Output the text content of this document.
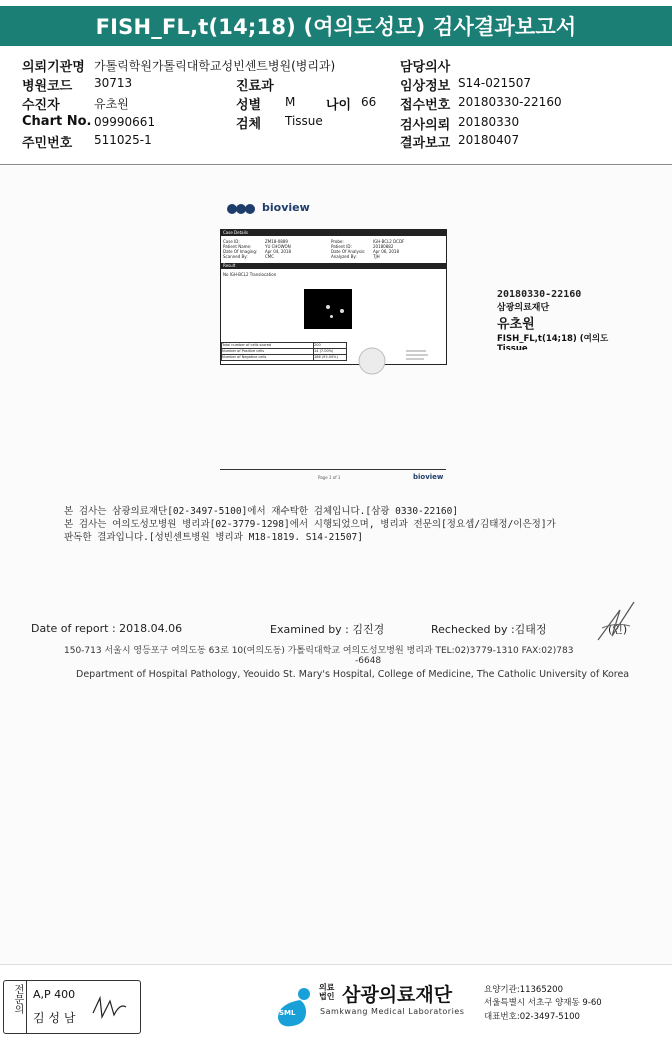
FISH_FL,t(14;18) (여의도성모) 검사결과보고서
의뢰기관명 가톨릭학원가톨릭대학교성빈센트병원(병리과)
병원코드 30713
수진자	유초원
Chart No. 09990661
주민번호 511025-1
진료과
성별 M 나이 66
검체 Tissue
담당의사
임상정보 S14-021507
접수번호 20180330-22160
검사의뢰 20180330
결과보고 20180407
bioview
Case Details
Case ID:	ZM18-0889	Probe:	IGH-BCL2 DCDF
Patient Name:	YU CHOWON	Patient ID:	20180882
Date Of Imaging:	Apr 04, 2018	Date Of Analysis:	Apr 06, 2018
Scanned By:	CMC	Analyzed By:	TJH
Result
No IGH-BCL2 Translocation
Total number of cells scored	200
Number of Positive cells	14 (7.00%)
Number of Negative cells	186 (93.00%)
Page 1 of 1	bioview
20180330-22160
삼광의료재단
유초원
FISH_FL,t(14;18) (여의도
Tissue
본 검사는 삼광의료재단[02-3497-5100]에서 재수탁한 검체입니다.[삼광 0330-22160]
본 검사는 여의도성모병원 병리과[02-3779-1298]에서 시행되었으며, 병리과 전문의[정요셉/김태정/이은정]가
판독한 결과입니다.[성빈센트병원 병리과 M18-1819. S14-21507]
Date of report : 2018.04.06	Examined by : 김진경	Rechecked by :김태정	(인)
150-713 서울시 영등포구 여의도동 63로 10(여의도동) 가톨릭대학교 여의도성모병원 병리과 TEL:02)3779-1310 FAX:02)783
-6648
Department of Hospital Pathology, Yeouido St. Mary's Hospital, College of Medicine, The Catholic University of Korea
전문의 A,P 400
김 성 남	SML
의료법인 삼광의료재단
Samkwang Medical Laboratories
요양기관:11365200
서울특별시 서초구 양재동 9-60
대표번호:02-3497-5100
